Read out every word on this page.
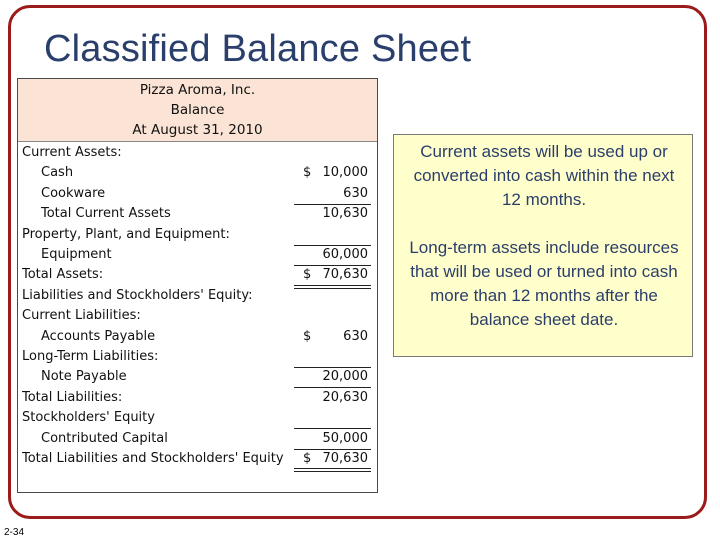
Classified Balance Sheet
Pizza Aroma, Inc.
Balance
At August 31, 2010
Current Assets:
Cash	$ 10,000
Cookware	630
Total Current Assets	10,630
Property, Plant, and Equipment:
Equipment	60,000
Total Assets:	$ 70,630
Liabilities and Stockholders' Equity:
Current Liabilities:
Accounts Payable	$ 630
Long-Term Liabilities:
Note Payable	20,000
Total Liabilities:	20,630
Stockholders' Equity
Contributed Capital	50,000
Total Liabilities and Stockholders' Equity $ 70,630

Current assets will be used up or converted into cash within the next 12 months.

Long-term assets include resources that will be used or turned into cash more than 12 months after the balance sheet date.

2-34
